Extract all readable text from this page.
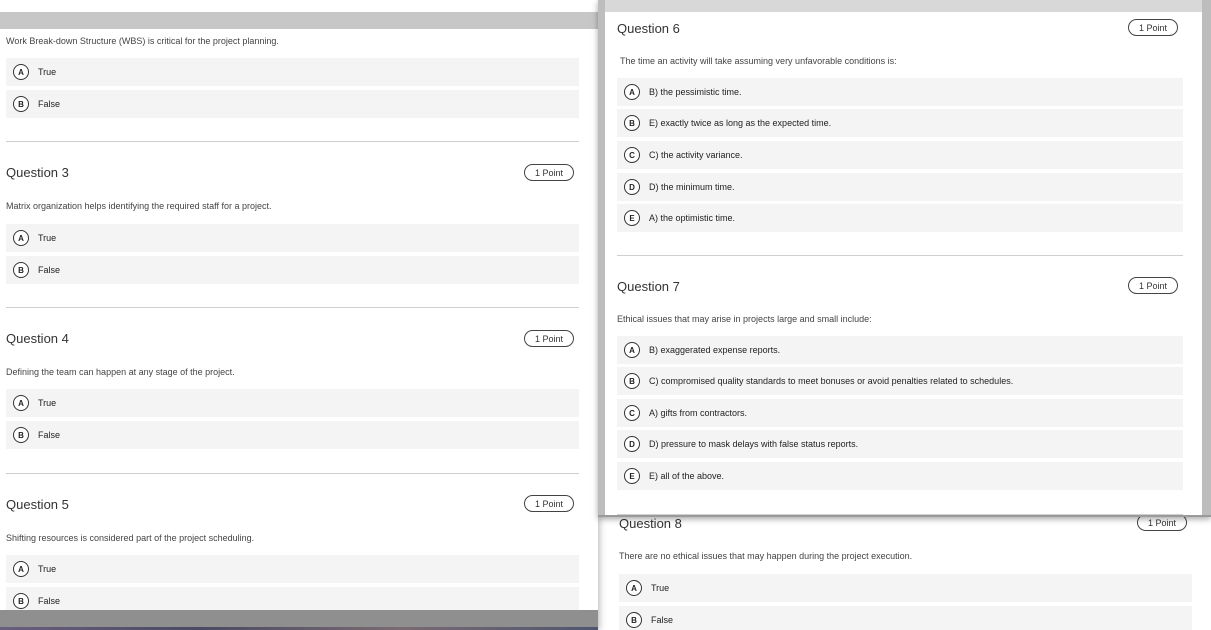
Work Break-down Structure (WBS) is critical for the project planning.
A	True
B	False
Question 3	1 Point
Matrix organization helps identifying the required staff for a project.
A	True
B	False
Question 4	1 Point
Defining the team can happen at any stage of the project.
A	True
B	False
Question 5	1 Point
Shifting resources is considered part of the project scheduling.
A	True
B	False
Question 6	1 Point
The time an activity will take assuming very unfavorable conditions is:
A	B) the pessimistic time.
B	E) exactly twice as long as the expected time.
C	C) the activity variance.
D	D) the minimum time.
E	A) the optimistic time.
Question 7	1 Point
Ethical issues that may arise in projects large and small include:
A	B) exaggerated expense reports.
B	C) compromised quality standards to meet bonuses or avoid penalties related to schedules.
C	A) gifts from contractors.
D	D) pressure to mask delays with false status reports.
E	E) all of the above.
Question 8	1 Point
There are no ethical issues that may happen during the project execution.
A	True
B	False
